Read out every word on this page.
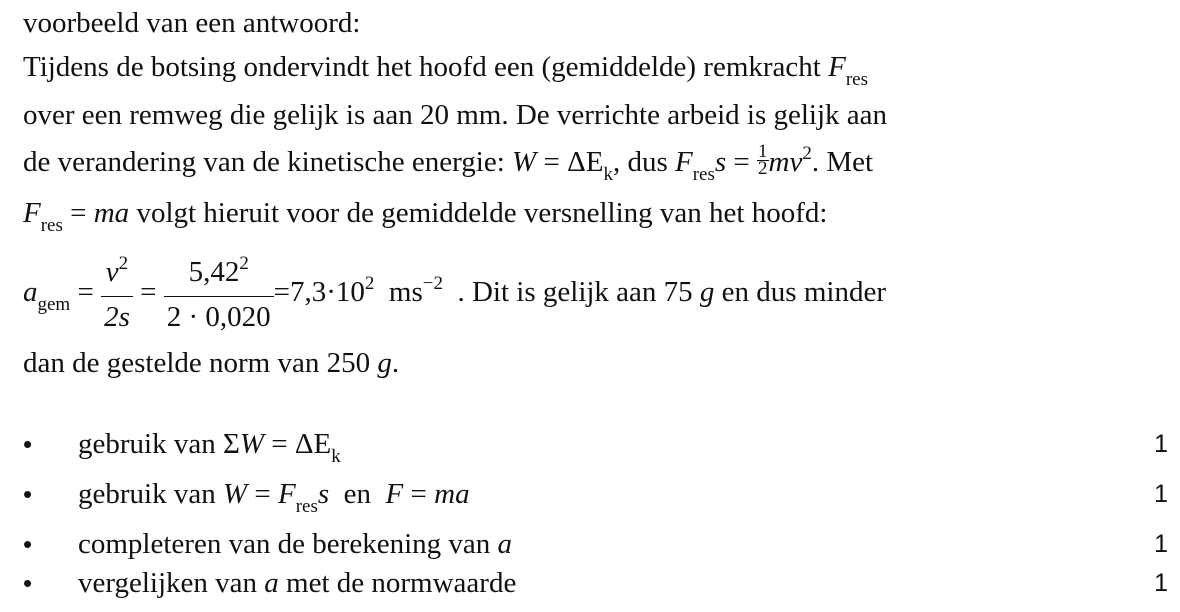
voorbeeld van een antwoord:
Tijdens de botsing ondervindt het hoofd een (gemiddelde) remkracht $F_{res}$
over een remweg die gelijk is aan 20 mm. De verrichte arbeid is gelijk aan
de verandering van de kinetische energie: $W = \Delta E_k$, dus $F_{res}s = \frac{1}{2} mv^2$. Met
$F_{res}$ = ma volgt hieruit voor de gemiddelde versnelling van het hoofd:
$a_{gem} = \frac{v^2}{2s} = \frac{5,42^2}{2 \cdot 0,020} =7,3\cdot 10^2$ $ms^{-2}$ . Dit is gelijk aan 75 g en dus minder
dan de gestelde norm van 250 g.
• gebruik van $\Sigma W = \Delta E_k$	1
• gebruik van $W = F_{res}s$ en F = ma	1
• completeren van de berekening van a	1
• vergelijken van a met de normwaarde	1
